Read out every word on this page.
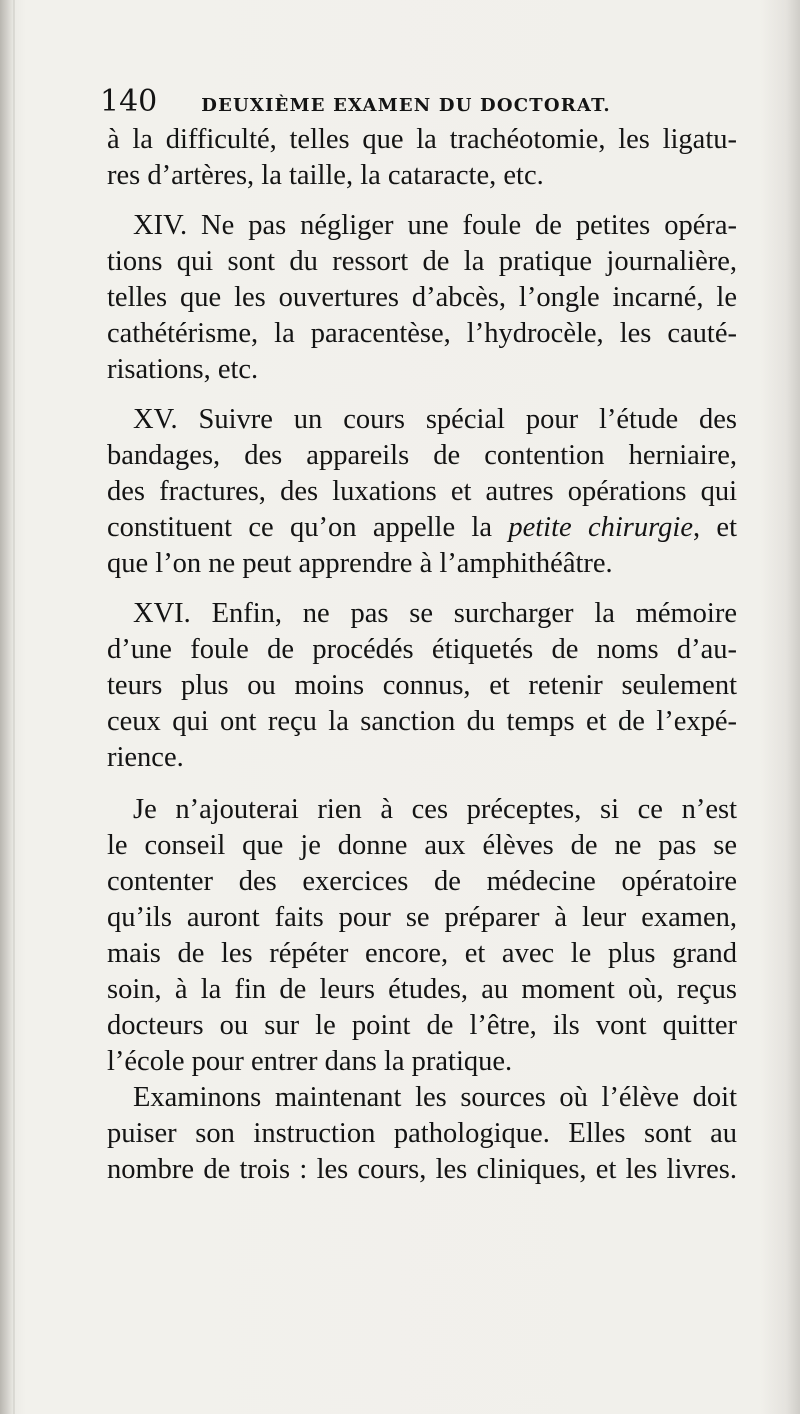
140 DEUXIÈME EXAMEN DU DOCTORAT.
à la difficulté, telles que la trachéotomie, les ligatu-
res d’artères, la taille, la cataracte, etc.
XIV. Ne pas négliger une foule de petites opéra-
tions qui sont du ressort de la pratique journalière,
telles que les ouvertures d’abcès, l’ongle incarné, le
cathétérisme, la paracentèse, l’hydrocèle, les cauté-
risations, etc.
XV. Suivre un cours spécial pour l’étude des
bandages, des appareils de contention herniaire,
des fractures, des luxations et autres opérations qui
constituent ce qu’on appelle la petite chirurgie, et
que l’on ne peut apprendre à l’amphithéâtre.
XVI. Enfin, ne pas se surcharger la mémoire
d’une foule de procédés étiquetés de noms d’au-
teurs plus ou moins connus, et retenir seulement
ceux qui ont reçu la sanction du temps et de l’expé-
rience.
Je n’ajouterai rien à ces préceptes, si ce n’est
le conseil que je donne aux élèves de ne pas se
contenter des exercices de médecine opératoire
qu’ils auront faits pour se préparer à leur examen,
mais de les répéter encore, et avec le plus grand
soin, à la fin de leurs études, au moment où, reçus
docteurs ou sur le point de l’être, ils vont quitter
l’école pour entrer dans la pratique.
Examinons maintenant les sources où l’élève doit
puiser son instruction pathologique. Elles sont au
nombre de trois : les cours, les cliniques, et les livres.
